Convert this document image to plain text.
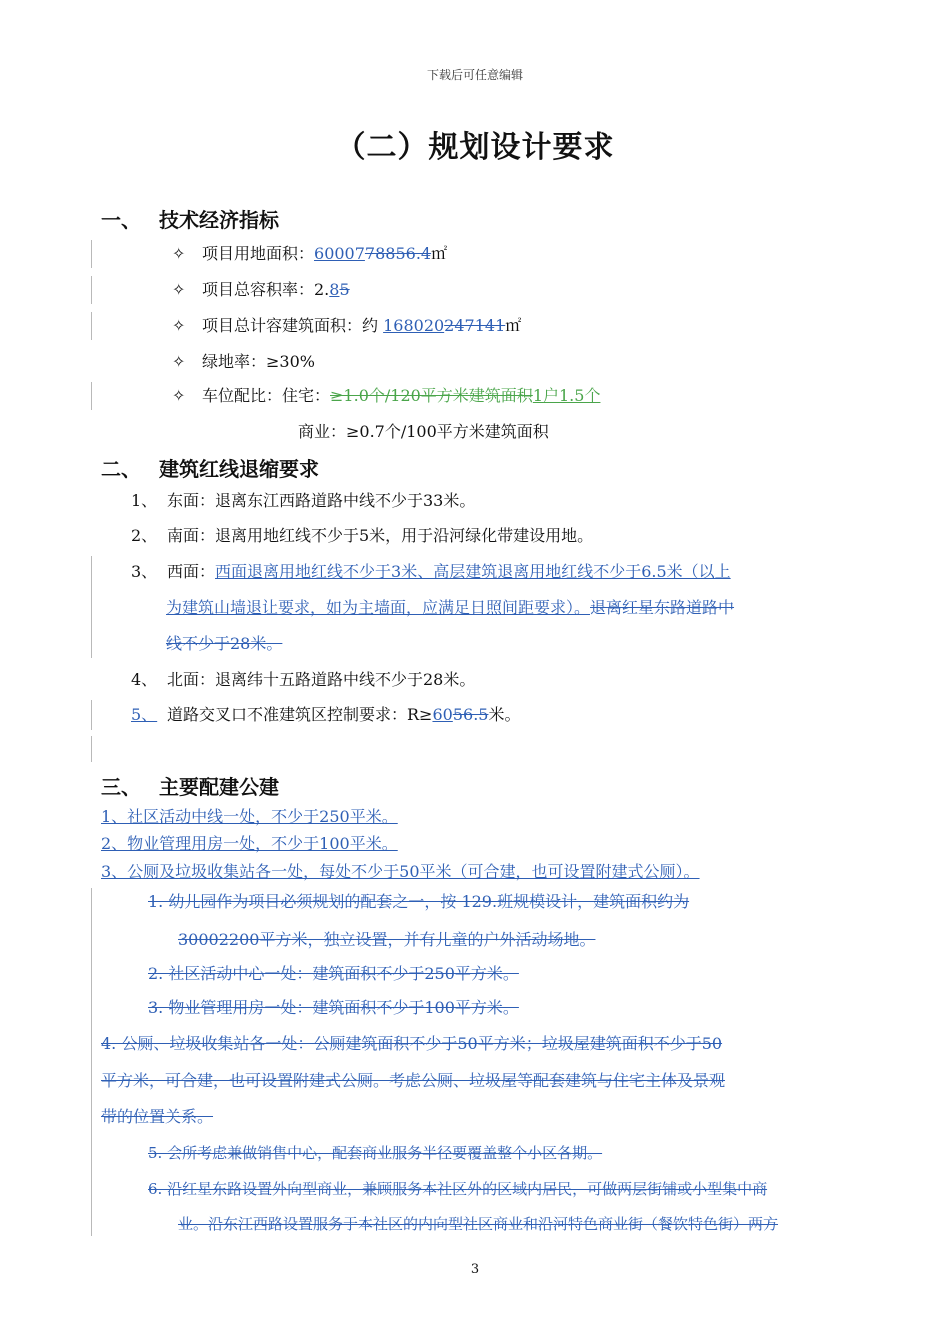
下载后可任意编辑
（二）规划设计要求
一、 技术经济指标
✧ 项目用地面积：6000778856.4㎡
✧ 项目总容积率：2.85
✧ 项目总计容建筑面积：约 168020247141㎡
✧ 绿地率：≥30%
✧ 车位配比：住宅：≥1.0个/120平方米建筑面积1户1.5个
商业：≥0.7个/100平方米建筑面积
二、 建筑红线退缩要求
1、 东面：退离东江西路道路中线不少于33米。
2、 南面：退离用地红线不少于5米，用于沿河绿化带建设用地。
3、 西面：西面退离用地红线不少于3米、高层建筑退离用地红线不少于6.5米（以上
为建筑山墙退让要求，如为主墙面，应满足日照间距要求）。退离红星东路道路中
线不少于28米。
4、 北面：退离纬十五路道路中线不少于28米。
5、 道路交叉口不准建筑区控制要求：R≥6056.5米。
三、 主要配建公建
1、社区活动中线一处，不少于250平米。
2、物业管理用房一处，不少于100平米。
3、公厕及垃圾收集站各一处，每处不少于50平米（可合建，也可设置附建式公厕）。
1. 幼儿园作为项目必须规划的配套之一，按 129.班规模设计，建筑面积约为
30002200平方米，独立设置，并有儿童的户外活动场地。
2. 社区活动中心一处：建筑面积不少于250平方米。
3. 物业管理用房一处：建筑面积不少于100平方米。
4. 公厕、垃圾收集站各一处：公厕建筑面积不少于50平方米；垃圾屋建筑面积不少于50
平方米，可合建，也可设置附建式公厕。考虑公厕、垃圾屋等配套建筑与住宅主体及景观
带的位置关系。
5. 会所考虑兼做销售中心，配套商业服务半径要覆盖整个小区各期。
6. 沿红星东路设置外向型商业，兼顾服务本社区外的区域内居民，可做两层街铺或小型集中商
业。沿东江西路设置服务于本社区的内向型社区商业和沿河特色商业街（餐饮特色街）两方
3
